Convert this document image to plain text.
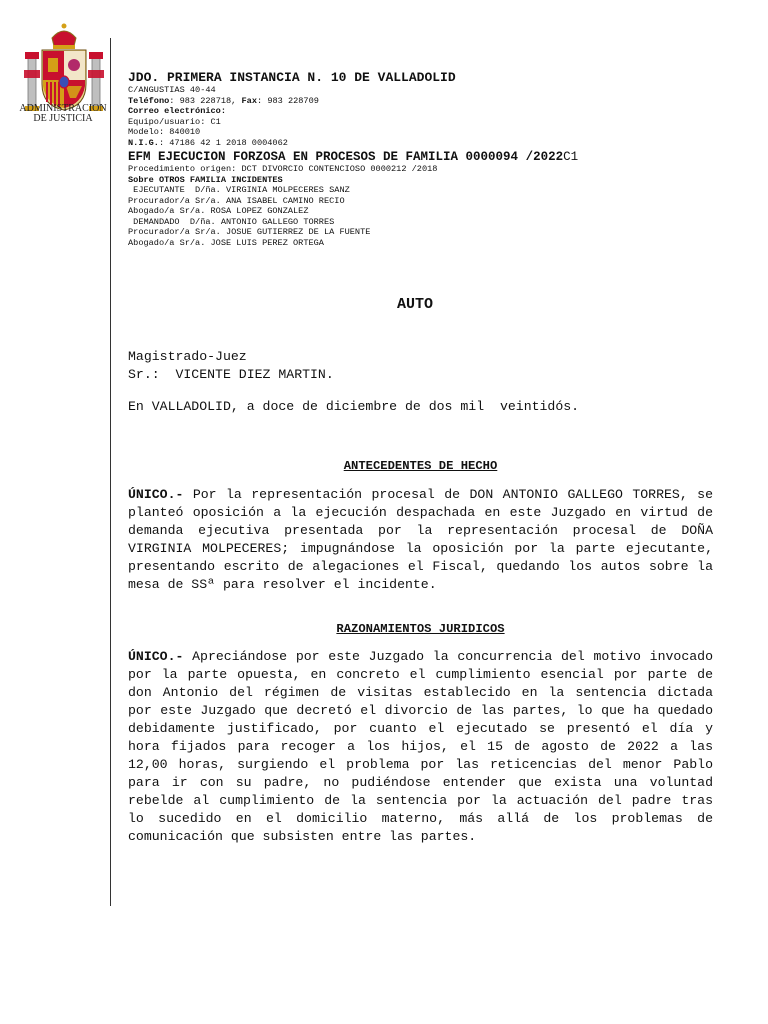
ADMINISTRACION
DE JUSTICIA

JDO. PRIMERA INSTANCIA N. 10 DE VALLADOLID

C/ANGUSTIAS 40-44

Teléfono: 983 228718, Fax: 983 228709

Correo electrónico:

Equipo/usuario: C1

Modelo: 840010

N.I.G.: 47186 42 1 2018 0004062

EFM EJECUCION FORZOSA EN PROCESOS DE FAMILIA 0000094 /2022C1

Procedimiento origen: DCT DIVORCIO CONTENCIOSO 0000212 /2018

Sobre OTROS FAMILIA INCIDENTES

EJECUTANTE  D/ña. VIRGINIA MOLPECERES SANZ

Procurador/a Sr/a. ANA ISABEL CAMINO RECIO

Abogado/a Sr/a. ROSA LOPEZ GONZALEZ

DEMANDADO  D/ña. ANTONIO GALLEGO TORRES

Procurador/a Sr/a. JOSUE GUTIERREZ DE LA FUENTE

Abogado/a Sr/a. JOSE LUIS PEREZ ORTEGA

AUTO
Magistrado-Juez
Sr.:  VICENTE DIEZ MARTIN.
En VALLADOLID, a doce de diciembre de dos mil  veintidós.
ANTECEDENTES DE HECHO
ÚNICO.- Por la representación procesal de DON ANTONIO GALLEGO TORRES, se planteó oposición a la ejecución despachada en este Juzgado en virtud de demanda ejecutiva presentada por la representación procesal de DOÑA VIRGINIA MOLPECERES; impugnándose la oposición por la parte ejecutante, presentando escrito de alegaciones el Fiscal, quedando los autos sobre la mesa de SSª para resolver el incidente.
RAZONAMIENTOS JURIDICOS
ÚNICO.- Apreciándose por este Juzgado la concurrencia del motivo invocado por la parte opuesta, en concreto el cumplimiento esencial por parte de don Antonio del régimen de visitas establecido en la sentencia dictada por este Juzgado que decretó el divorcio de las partes, lo que ha quedado debidamente justificado, por cuanto el ejecutado se presentó el día y hora fijados para recoger a los hijos, el 15 de agosto de 2022 a las 12,00 horas, surgiendo el problema por las reticencias del menor Pablo para ir con su padre, no pudiéndose entender que exista una voluntad rebelde al cumplimiento de la sentencia por la actuación del padre tras lo sucedido en el domicilio materno, más allá de los problemas de comunicación que subsisten entre las partes.
